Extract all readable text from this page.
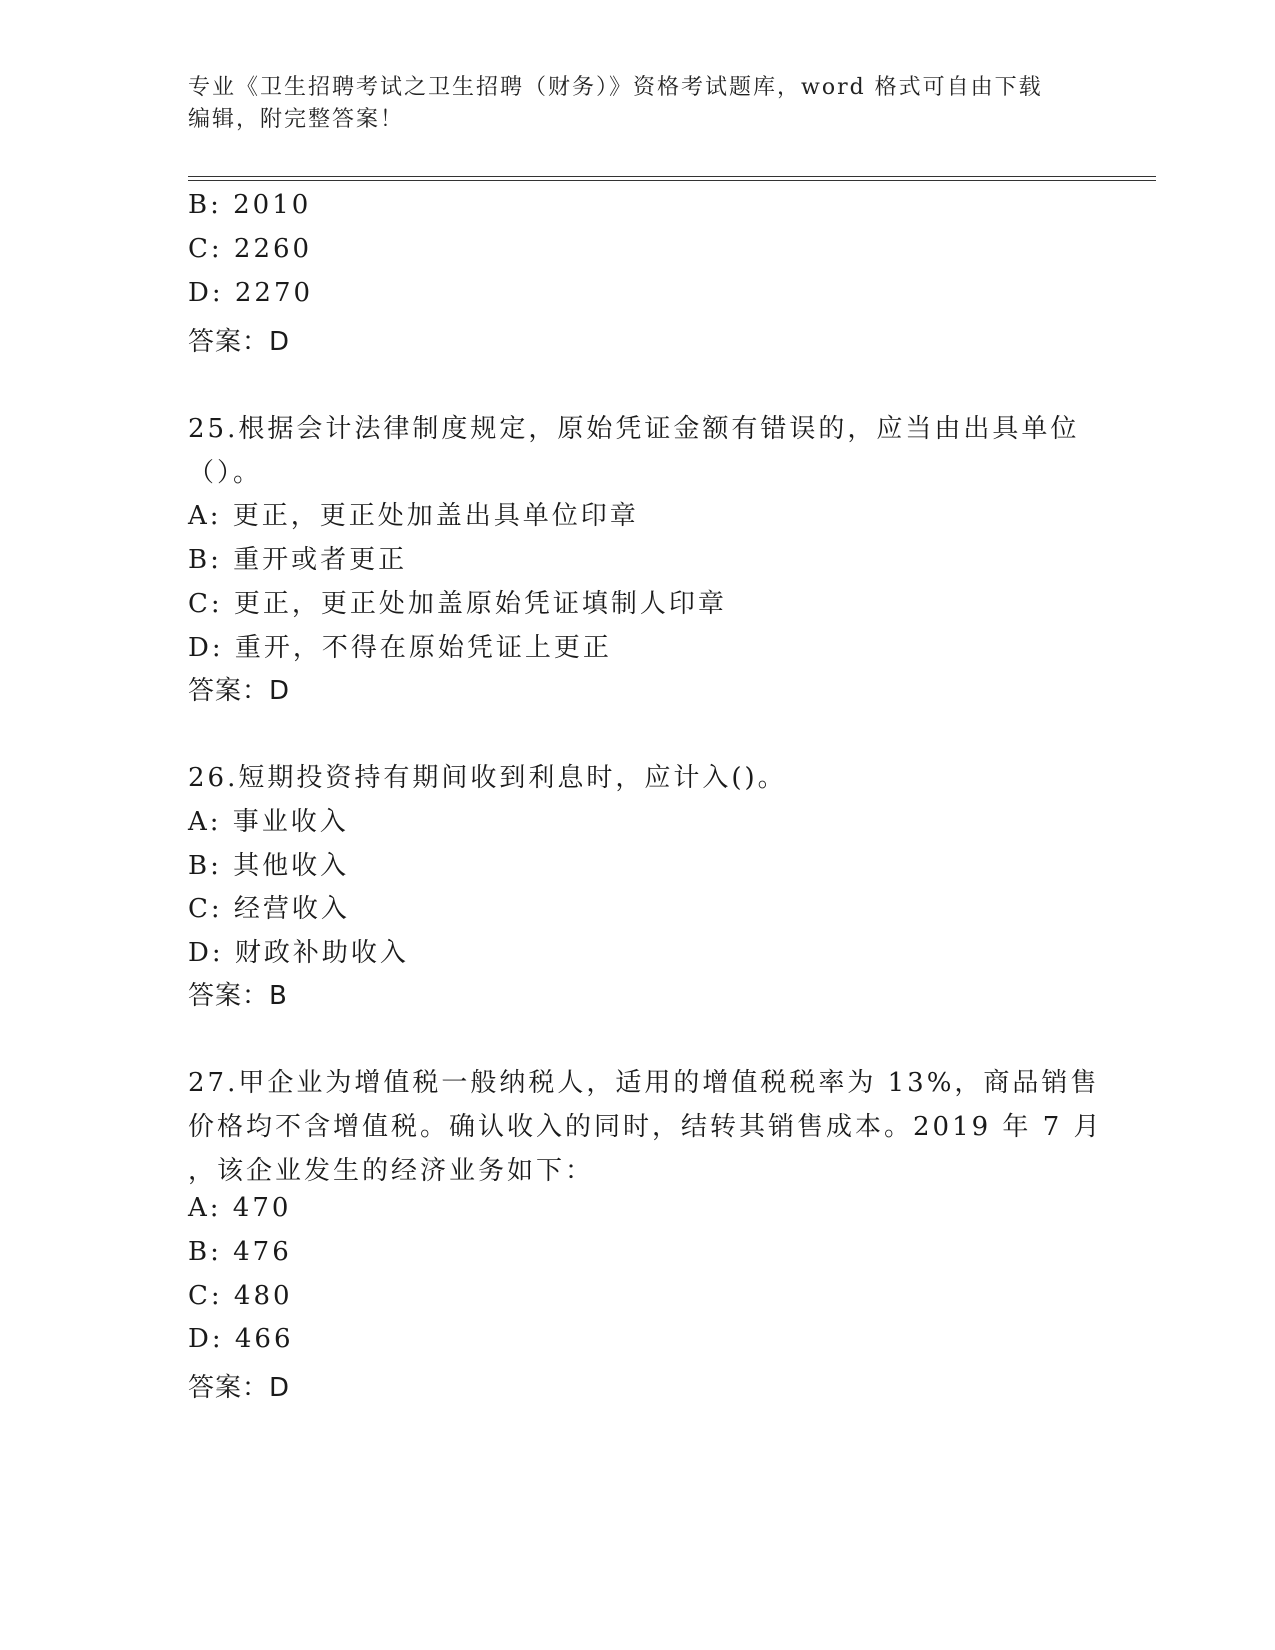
专业《卫生招聘考试之卫生招聘（财务）》资格考试题库，word 格式可自由下载
编辑，附完整答案！
B: 2010
C: 2260
D: 2270
答案：D
25.根据会计法律制度规定，原始凭证金额有错误的，应当由出具单位
（）。
A: 更正，更正处加盖出具单位印章
B: 重开或者更正
C: 更正，更正处加盖原始凭证填制人印章
D: 重开，不得在原始凭证上更正
答案：D
26.短期投资持有期间收到利息时，应计入()。
A: 事业收入
B: 其他收入
C: 经营收入
D: 财政补助收入
答案：B
27.甲企业为增值税一般纳税人，适用的增值税税率为 13%，商品销售
价格均不含增值税。确认收入的同时，结转其销售成本。2019 年 7 月
，该企业发生的经济业务如下：
A: 470
B: 476
C: 480
D: 466
答案：D
